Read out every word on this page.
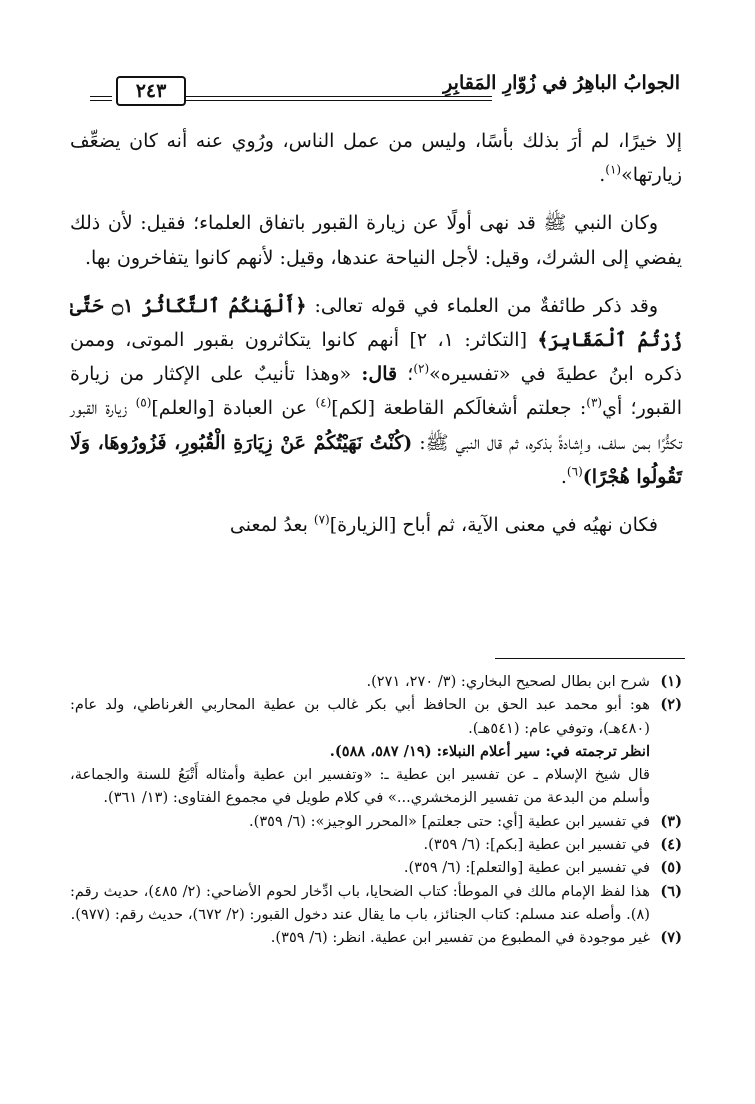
الجوابُ الباهِرُ في زُوّارِ المَقابِرِ
٢٤٣

إلا خيرًا، لم أرَ بذلك بأسًا، وليس من عمل الناس، ورُوي عنه أنه كان يضعِّف زيارتها»$^{(١)}$.

وكان النبي ﷺ قد نهى أولًا عن زيارة القبور باتفاق العلماء؛ فقيل: لأن ذلك يفضي إلى الشرك، وقيل: لأجل النياحة عندها، وقيل: لأنهم كانوا يتفاخرون بها.

وقد ذكر طائفةٌ من العلماء في قوله تعالى: ﴿أَلْهَىٰكُمُ ٱلتَّكَاثُرُ ۝١ حَتَّىٰ زُرْتُمُ ٱلْمَقَابِرَ﴾ [التكاثر: ١، ٢] أنهم كانوا يتكاثرون بقبور الموتى، وممن ذكره ابنُ عطيةَ في «تفسيره»$^{(٢)}$؛ قال: «وهذا تأنيبٌ على الإكثار من زيارة القبور؛ أي$^{(٣)}$: جعلتم أشغالَكم القاطعة [لكم]$^{(٤)}$ عن العبادة [والعلم]$^{(٥)}$ زيارة القبور تكثُّرًا بمن سلف، وإشادةً بذكره، ثم قال النبي ﷺ: (كُنْتُ نَهَيْتُكُمْ عَنْ زِيَارَةِ الْقُبُورِ، فَزُورُوهَا، وَلَا تَقُولُوا هُجْرًا)$^{(٦)}$.

فكان نهيُه في معنى الآية، ثم أباح [الزيارة]$^{(٧)}$ بعدُ لمعنى

(١)
شرح ابن بطال لصحيح البخاري: (٣/ ٢٧٠، ٢٧١).
(٢)
هو: أبو محمد عبد الحق بن الحافظ أبي بكر غالب بن عطية المحاربي الغرناطي، ولد عام: (٤٨٠هـ)، وتوفي عام: (٥٤١هـ).
انظر ترجمته في: سير أعلام النبلاء: (١٩/ ٥٨٧، ٥٨٨).
قال شيخ الإسلام ـ عن تفسير ابن عطية ـ: «وتفسير ابن عطية وأمثاله أَتْبَعُ للسنة والجماعة، وأسلم من البدعة من تفسير الزمخشري...» في كلام طويل في مجموع الفتاوى: (١٣/ ٣٦١).
(٣)
في تفسير ابن عطية [أي: حتى جعلتم] «المحرر الوجيز»: (٦/ ٣٥٩).
(٤)
في تفسير ابن عطية [بكم]: (٦/ ٣٥٩).
(٥)
في تفسير ابن عطية [والتعلم]: (٦/ ٣٥٩).
(٦)
هذا لفظ الإمام مالك في الموطأ: كتاب الضحايا، باب ادِّخار لحوم الأضاحي: (٢/ ٤٨٥)، حديث رقم: (٨). وأصله عند مسلم: كتاب الجنائز، باب ما يقال عند دخول القبور: (٢/ ٦٧٢)، حديث رقم: (٩٧٧).
(٧)
غير موجودة في المطبوع من تفسير ابن عطية. انظر: (٦/ ٣٥٩).
